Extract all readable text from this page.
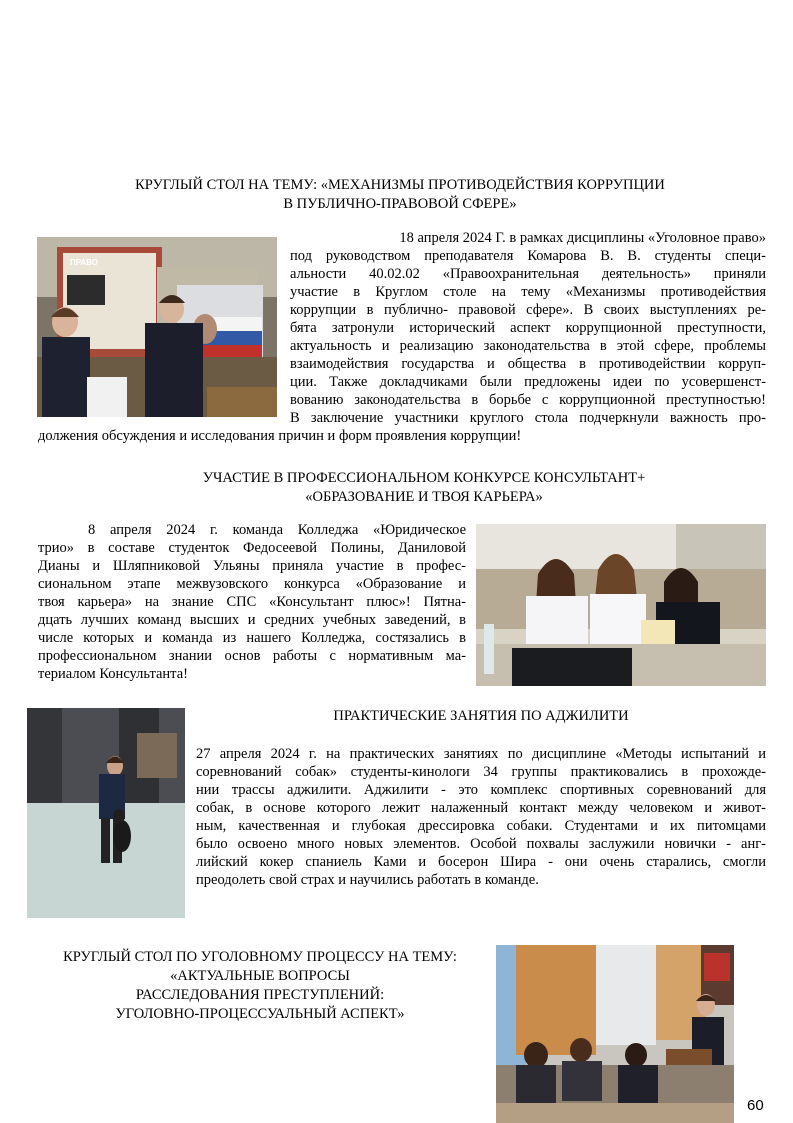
КРУГЛЫЙ СТОЛ НА ТЕМУ: «МЕХАНИЗМЫ ПРОТИВОДЕЙСТВИЯ КОРРУПЦИИ
В ПУБЛИЧНО-ПРАВОВОЙ СФЕРЕ»
18 апреля 2024 Г. в рамках дисциплины «Уголовное право»
под руководством преподавателя Комарова В. В. студенты специ-
альности 40.02.02 «Правоохранительная деятельность» приняли
участие в Круглом столе на тему «Механизмы противодействия
коррупции в публично- правовой сфере». В своих выступлениях ре-
бята затронули исторический аспект коррупционной преступности,
актуальность и реализацию законодательства в этой сфере, проблемы
взаимодействия государства и общества в противодействии корруп-
ции. Также докладчиками были предложены идеи по усовершенст-
вованию законодательства в борьбе с коррупционной преступностью!
В заключение участники круглого стола подчеркнули важность про-
должения обсуждения и исследования причин и форм проявления коррупции!
ПРАВО
УЧАСТИЕ В ПРОФЕССИОНАЛЬНОМ КОНКУРСЕ КОНСУЛЬТАНТ+
«ОБРАЗОВАНИЕ И ТВОЯ КАРЬЕРА»
8 апреля 2024 г. команда Колледжа «Юридическое
трио» в составе студенток Федосеевой Полины, Даниловой
Дианы и Шляпниковой Ульяны приняла участие в профес-
сиональном этапе межвузовского конкурса «Образование и
твоя карьера» на знание СПС «Консультант плюс»! Пятна-
дцать лучших команд высших и средних учебных заведений, в
числе которых и команда из нашего Колледжа, состязались в
профессиональном знании основ работы с нормативным ма-
териалом Консультанта!
ПРАКТИЧЕСКИЕ ЗАНЯТИЯ ПО АДЖИЛИТИ
27 апреля 2024 г. на практических занятиях по дисциплине «Методы испытаний и
соревнований собак» студенты-кинологи 34 группы практиковались в прохожде-
нии трассы аджилити. Аджилити - это комплекс спортивных соревнований для
собак, в основе которого лежит налаженный контакт между человеком и живот-
ным, качественная и глубокая дрессировка собаки. Студентами и их питомцами
было освоено много новых элементов. Особой похвалы заслужили новички - анг-
лийский кокер спаниель Ками и босерон Шира - они очень старались, смогли
преодолеть свой страх и научились работать в команде.
КРУГЛЫЙ СТОЛ ПО УГОЛОВНОМУ ПРОЦЕССУ НА ТЕМУ:
«АКТУАЛЬНЫЕ ВОПРОСЫ
РАССЛЕДОВАНИЯ ПРЕСТУПЛЕНИЙ:
УГОЛОВНО-ПРОЦЕССУАЛЬНЫЙ АСПЕКТ»
60
